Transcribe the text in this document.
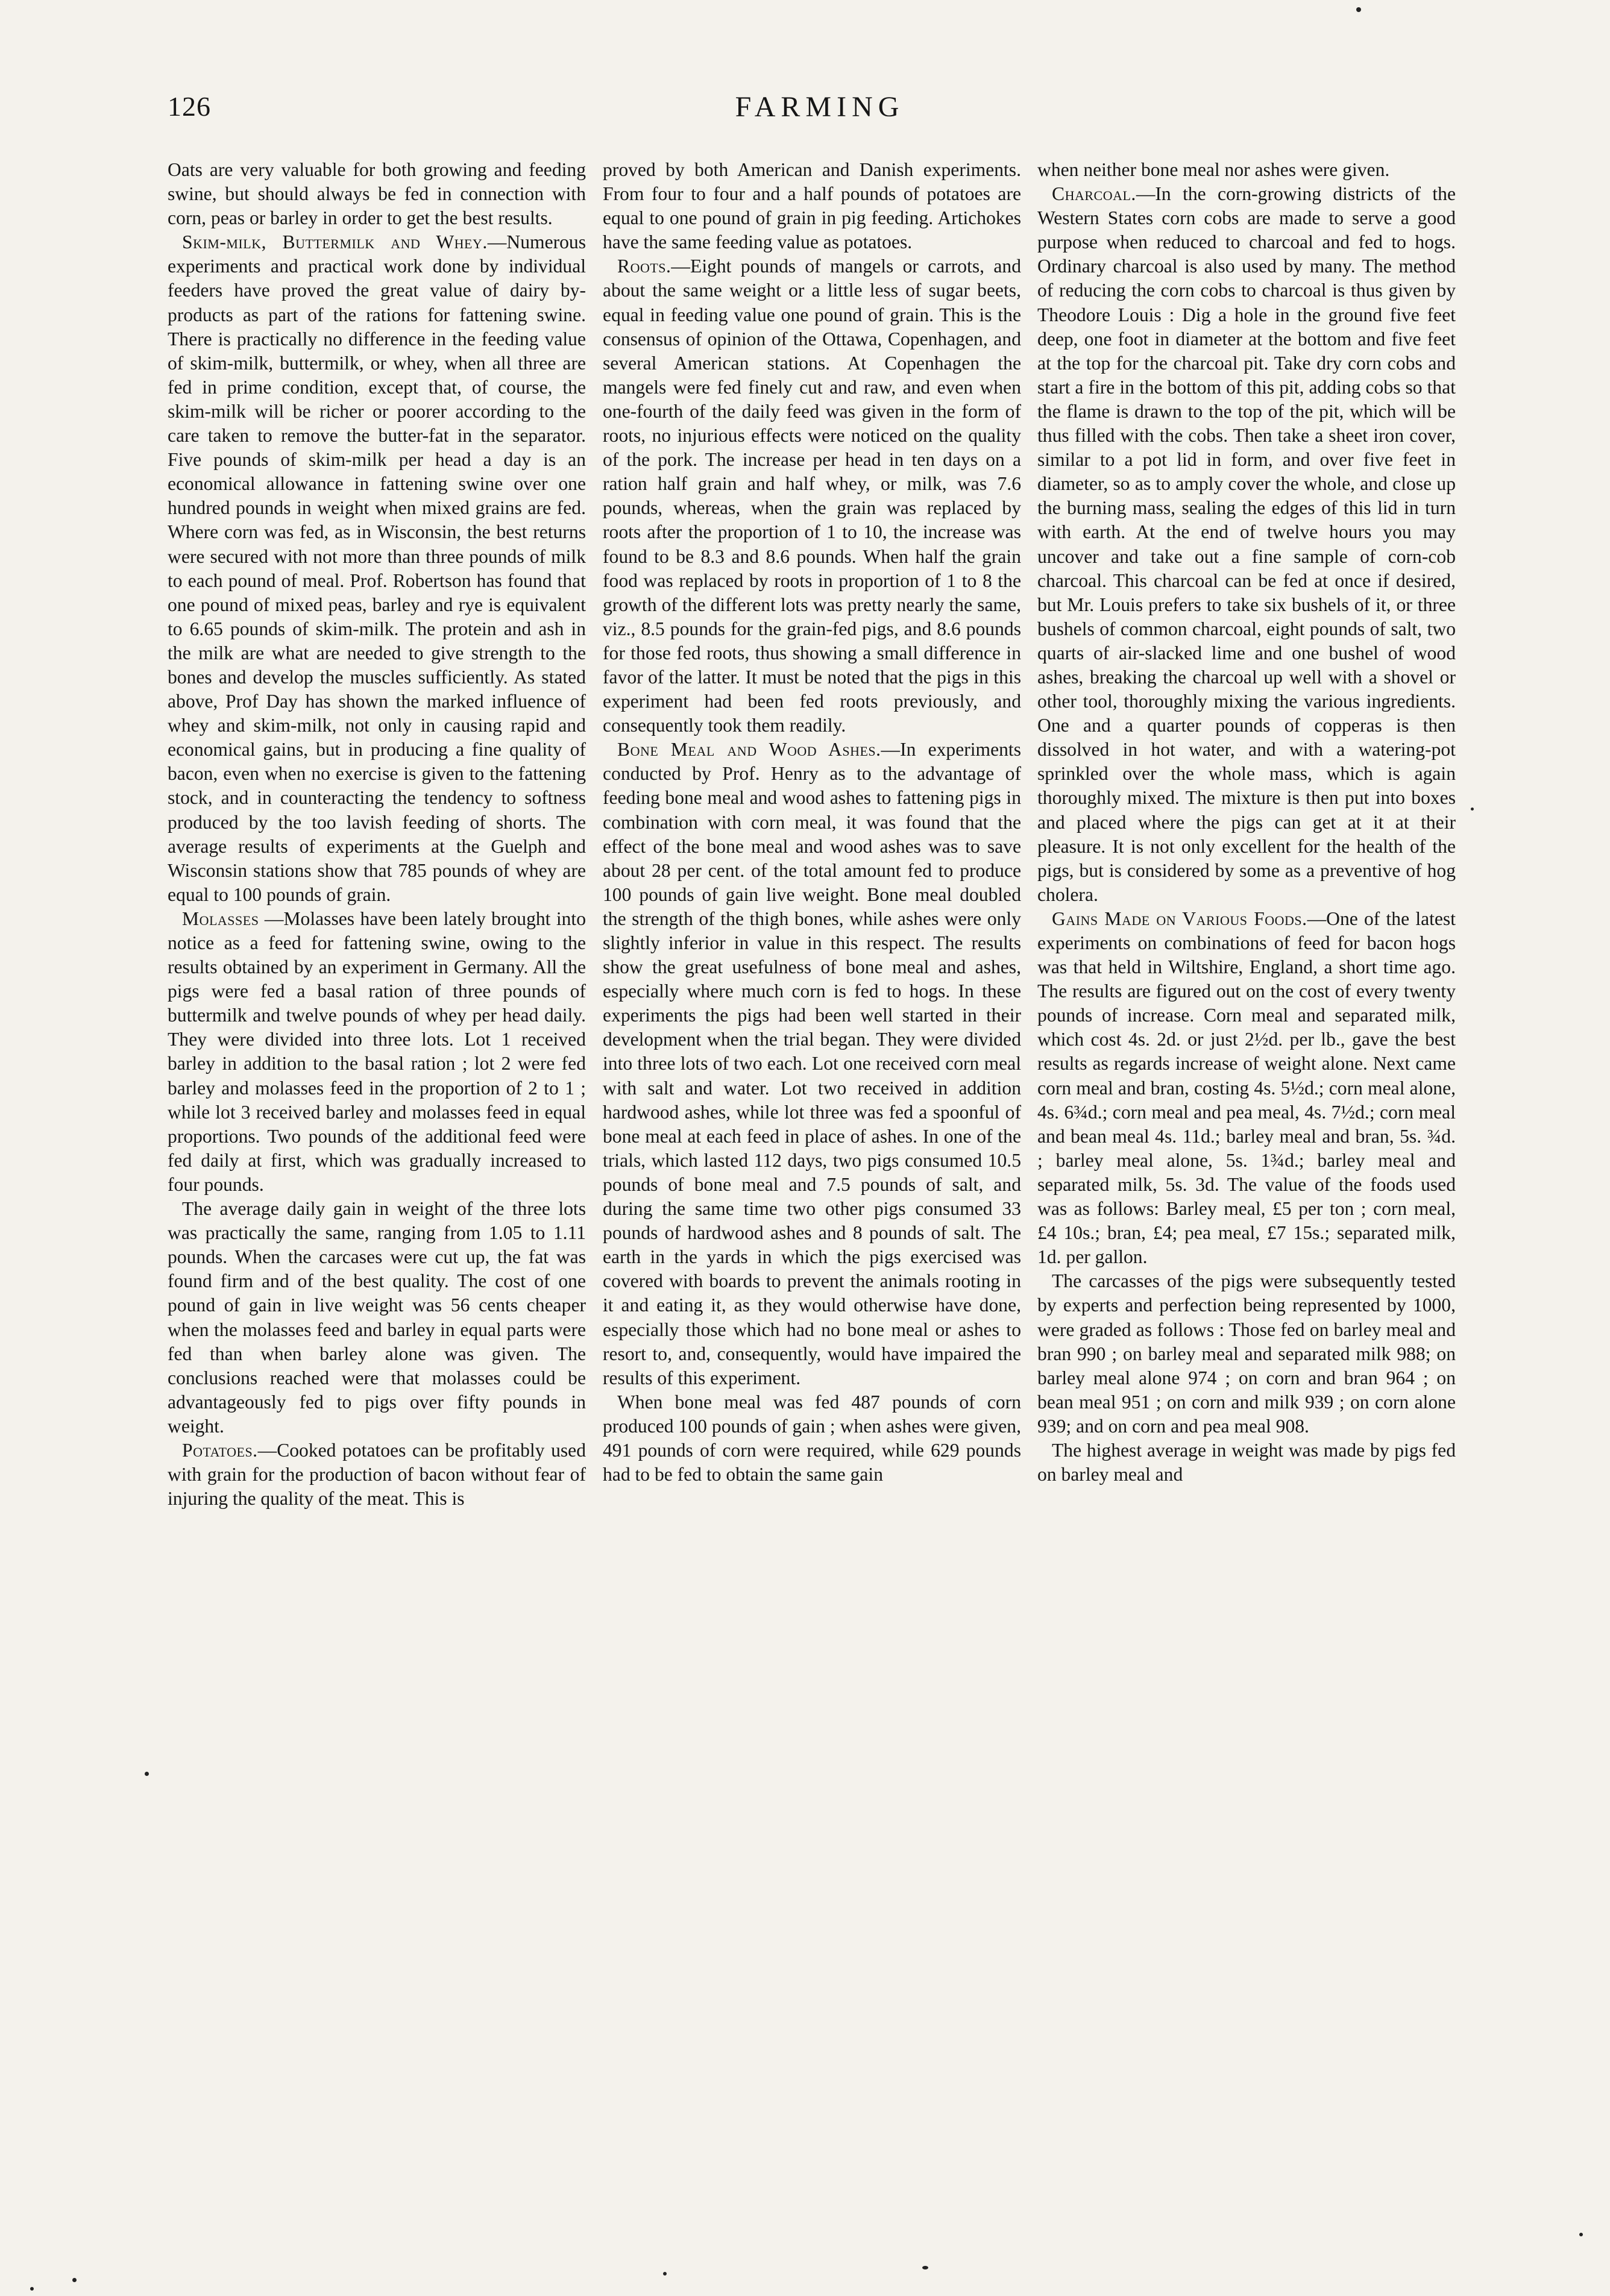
126	FARMING

Oats are very valuable for both growing and feeding swine, but should always be fed in connection with corn, peas or barley in order to get the best results.

Skim-milk, Buttermilk and Whey.—Numerous experiments and practical work done by individual feeders have proved the great value of dairy by-products as part of the rations for fattening swine. There is practically no difference in the feeding value of skim-milk, buttermilk, or whey, when all three are fed in prime condition, except that, of course, the skim-milk will be richer or poorer according to the care taken to remove the butter-fat in the separator. Five pounds of skim-milk per head a day is an economical allowance in fattening swine over one hundred pounds in weight when mixed grains are fed. Where corn was fed, as in Wisconsin, the best returns were secured with not more than three pounds of milk to each pound of meal. Prof. Robertson has found that one pound of mixed peas, barley and rye is equivalent to 6.65 pounds of skim-milk. The protein and ash in the milk are what are needed to give strength to the bones and develop the muscles sufficiently. As stated above, Prof Day has shown the marked influence of whey and skim-milk, not only in causing rapid and economical gains, but in producing a fine quality of bacon, even when no exercise is given to the fattening stock, and in counteracting the tendency to softness produced by the too lavish feeding of shorts. The average results of experiments at the Guelph and Wisconsin stations show that 785 pounds of whey are equal to 100 pounds of grain.

Molasses —Molasses have been lately brought into notice as a feed for fattening swine, owing to the results obtained by an experiment in Germany. All the pigs were fed a basal ration of three pounds of buttermilk and twelve pounds of whey per head daily. They were divided into three lots. Lot 1 received barley in addition to the basal ration ; lot 2 were fed barley and molasses feed in the proportion of 2 to 1 ; while lot 3 received barley and molasses feed in equal proportions. Two pounds of the additional feed were fed daily at first, which was gradually increased to four pounds.

The average daily gain in weight of the three lots was practically the same, ranging from 1.05 to 1.11 pounds. When the carcases were cut up, the fat was found firm and of the best quality. The cost of one pound of gain in live weight was 56 cents cheaper when the molasses feed and barley in equal parts were fed than when barley alone was given. The conclusions reached were that molasses could be advantageously fed to pigs over fifty pounds in weight.

Potatoes.—Cooked potatoes can be profitably used with grain for the production of bacon without fear of injuring the quality of the meat. This is

proved by both American and Danish experiments. From four to four and a half pounds of potatoes are equal to one pound of grain in pig feeding. Artichokes have the same feeding value as potatoes.

Roots.—Eight pounds of mangels or carrots, and about the same weight or a little less of sugar beets, equal in feeding value one pound of grain. This is the consensus of opinion of the Ottawa, Copenhagen, and several American stations. At Copenhagen the mangels were fed finely cut and raw, and even when one-fourth of the daily feed was given in the form of roots, no injurious effects were noticed on the quality of the pork. The increase per head in ten days on a ration half grain and half whey, or milk, was 7.6 pounds, whereas, when the grain was replaced by roots after the proportion of 1 to 10, the increase was found to be 8.3 and 8.6 pounds. When half the grain food was replaced by roots in proportion of 1 to 8 the growth of the different lots was pretty nearly the same, viz., 8.5 pounds for the grain-fed pigs, and 8.6 pounds for those fed roots, thus showing a small difference in favor of the latter. It must be noted that the pigs in this experiment had been fed roots previously, and consequently took them readily.

Bone Meal and Wood Ashes.—In experiments conducted by Prof. Henry as to the advantage of feeding bone meal and wood ashes to fattening pigs in combination with corn meal, it was found that the effect of the bone meal and wood ashes was to save about 28 per cent. of the total amount fed to produce 100 pounds of gain live weight. Bone meal doubled the strength of the thigh bones, while ashes were only slightly inferior in value in this respect. The results show the great usefulness of bone meal and ashes, especially where much corn is fed to hogs. In these experiments the pigs had been well started in their development when the trial began. They were divided into three lots of two each. Lot one received corn meal with salt and water. Lot two received in addition hardwood ashes, while lot three was fed a spoonful of bone meal at each feed in place of ashes. In one of the trials, which lasted 112 days, two pigs consumed 10.5 pounds of bone meal and 7.5 pounds of salt, and during the same time two other pigs consumed 33 pounds of hardwood ashes and 8 pounds of salt. The earth in the yards in which the pigs exercised was covered with boards to prevent the animals rooting in it and eating it, as they would otherwise have done, especially those which had no bone meal or ashes to resort to, and, consequently, would have impaired the results of this experiment.

When bone meal was fed 487 pounds of corn produced 100 pounds of gain ; when ashes were given, 491 pounds of corn were required, while 629 pounds had to be fed to obtain the same gain

when neither bone meal nor ashes were given.

Charcoal.—In the corn-growing districts of the Western States corn cobs are made to serve a good purpose when reduced to charcoal and fed to hogs. Ordinary charcoal is also used by many. The method of reducing the corn cobs to charcoal is thus given by Theodore Louis : Dig a hole in the ground five feet deep, one foot in diameter at the bottom and five feet at the top for the charcoal pit. Take dry corn cobs and start a fire in the bottom of this pit, adding cobs so that the flame is drawn to the top of the pit, which will be thus filled with the cobs. Then take a sheet iron cover, similar to a pot lid in form, and over five feet in diameter, so as to amply cover the whole, and close up the burning mass, sealing the edges of this lid in turn with earth. At the end of twelve hours you may uncover and take out a fine sample of corn-cob charcoal. This charcoal can be fed at once if desired, but Mr. Louis prefers to take six bushels of it, or three bushels of common charcoal, eight pounds of salt, two quarts of air-slacked lime and one bushel of wood ashes, breaking the charcoal up well with a shovel or other tool, thoroughly mixing the various ingredients. One and a quarter pounds of copperas is then dissolved in hot water, and with a watering-pot sprinkled over the whole mass, which is again thoroughly mixed. The mixture is then put into boxes and placed where the pigs can get at it at their pleasure. It is not only excellent for the health of the pigs, but is considered by some as a preventive of hog cholera.

Gains Made on Various Foods.—One of the latest experiments on combinations of feed for bacon hogs was that held in Wiltshire, England, a short time ago. The results are figured out on the cost of every twenty pounds of increase. Corn meal and separated milk, which cost 4s. 2d. or just 2½d. per lb., gave the best results as regards increase of weight alone. Next came corn meal and bran, costing 4s. 5½d.; corn meal alone, 4s. 6¾d.; corn meal and pea meal, 4s. 7½d.; corn meal and bean meal 4s. 11d.; barley meal and bran, 5s. ¾d. ; barley meal alone, 5s. 1¾d.; barley meal and separated milk, 5s. 3d. The value of the foods used was as follows: Barley meal, £5 per ton ; corn meal, £4 10s.; bran, £4; pea meal, £7 15s.; separated milk, 1d. per gallon.

The carcasses of the pigs were subsequently tested by experts and perfection being represented by 1000, were graded as follows : Those fed on barley meal and bran 990 ; on barley meal and separated milk 988; on barley meal alone 974 ; on corn and bran 964 ; on bean meal 951 ; on corn and milk 939 ; on corn alone 939; and on corn and pea meal 908.

The highest average in weight was made by pigs fed on barley meal and
